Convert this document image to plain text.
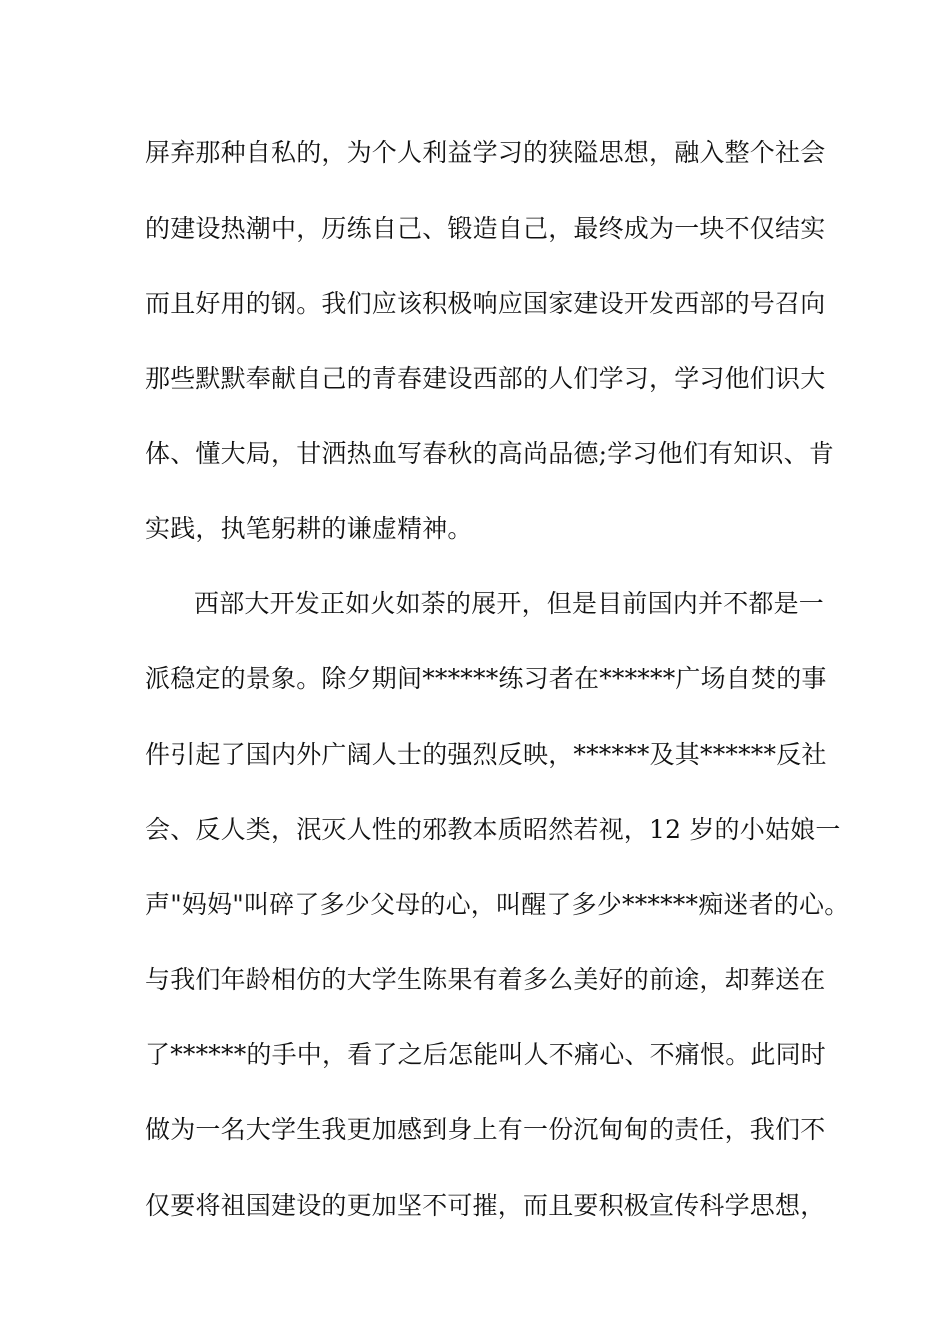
屏弃那种自私的，为个人利益学习的狭隘思想，融入整个社会
的建设热潮中，历练自己、锻造自己，最终成为一块不仅结实
而且好用的钢。我们应该积极响应国家建设开发西部的号召向
那些默默奉献自己的青春建设西部的人们学习，学习他们识大
体、懂大局，甘洒热血写春秋的高尚品德;学习他们有知识、肯
实践，执笔躬耕的谦虚精神。
西部大开发正如火如荼的展开，但是目前国内并不都是一
派稳定的景象。除夕期间******练习者在******广场自焚的事
件引起了国内外广阔人士的强烈反映，******及其******反社
会、反人类，泯灭人性的邪教本质昭然若视，12 岁的小姑娘一
声"妈妈"叫碎了多少父母的心，叫醒了多少******痴迷者的心。
与我们年龄相仿的大学生陈果有着多么美好的前途，却葬送在
了******的手中，看了之后怎能叫人不痛心、不痛恨。此同时
做为一名大学生我更加感到身上有一份沉甸甸的责任，我们不
仅要将祖国建设的更加坚不可摧，而且要积极宣传科学思想，
